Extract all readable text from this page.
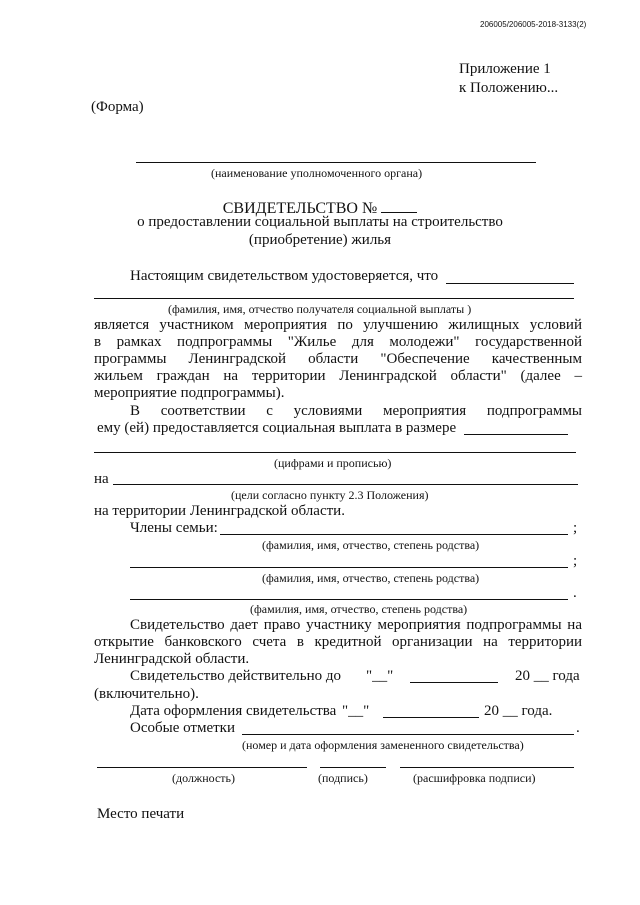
206005/206005-2018-3133(2)
Приложение 1
к Положению...
(Форма)
(наименование уполномоченного органа)
СВИДЕТЕЛЬСТВО №
о предоставлении социальной выплаты на строительство
(приобретение) жилья
Настоящим свидетельством удостоверяется, что
(фамилия, имя, отчество получателя социальной выплаты )
является участником мероприятия по улучшению жилищных условий
в рамках подпрограммы "Жилье для молодежи" государственной
программы Ленинградской области "Обеспечение качественным
жильем граждан на территории Ленинградской области" (далее –
мероприятие подпрограммы).
В соответствии с условиями мероприятия подпрограммы
ему (ей) предоставляется социальная выплата в размере
(цифрами и прописью)
на
(цели согласно пункту 2.3 Положения)
на территории Ленинградской области.
Члены семьи:	;
(фамилия, имя, отчество, степень родства)
;
(фамилия, имя, отчество, степень родства)
.
(фамилия, имя, отчество, степень родства)
Свидетельство дает право участнику мероприятия подпрограммы на
открытие банковского счета в кредитной организации на территории
Ленинградской области.
Свидетельство действительно до "__"	20 __ года
(включительно).
Дата оформления свидетельства "__"	20 __ года.
Особые отметки	.
(номер и дата оформления замененного свидетельства)
(должность)	(подпись)	(расшифровка подписи)
Место печати
